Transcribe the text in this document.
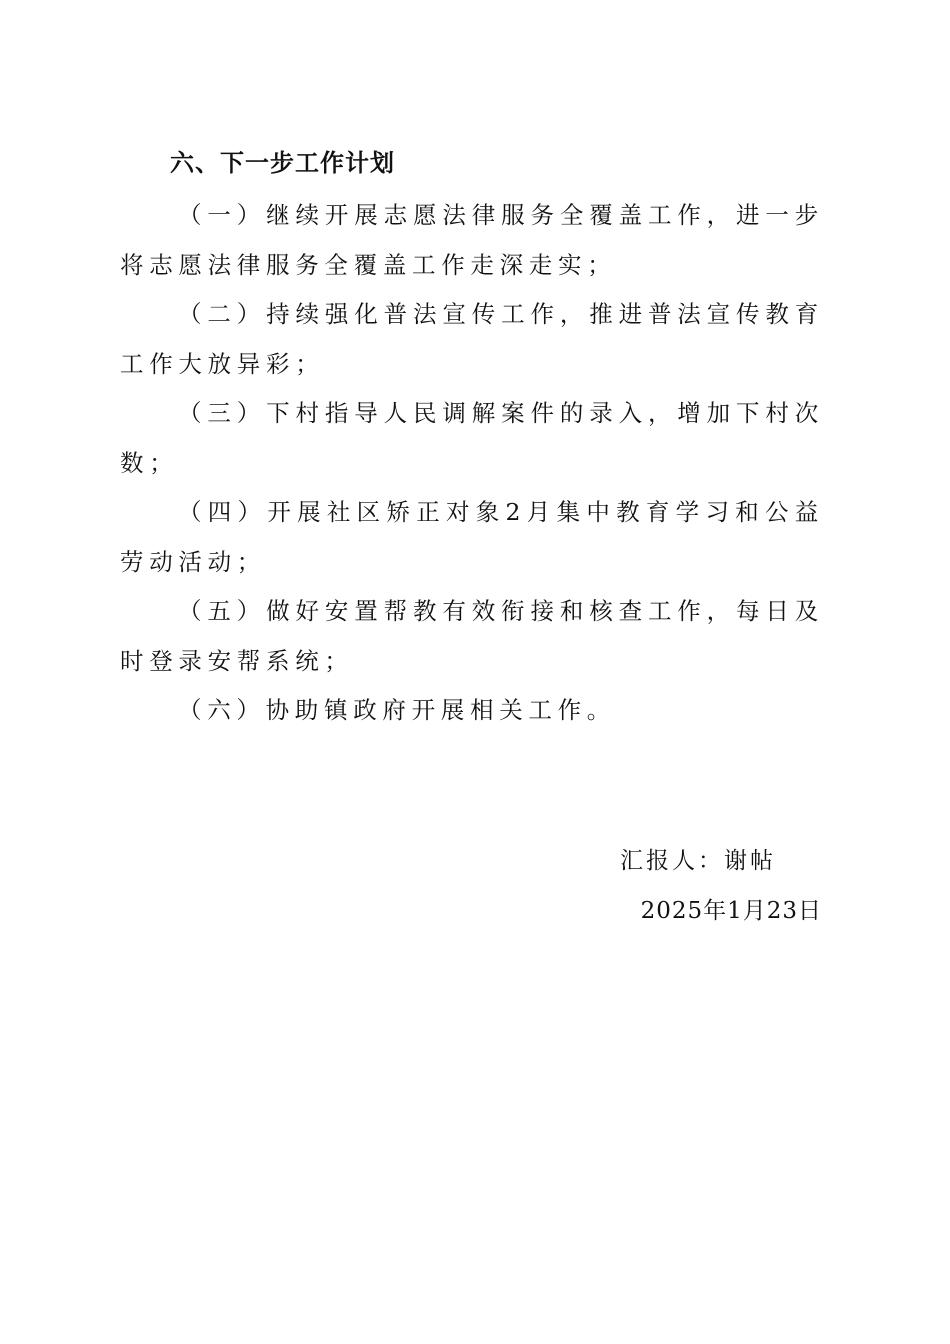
六、下一步工作计划

（一）继续开展志愿法律服务全覆盖工作，进一步将志愿法律服务全覆盖工作走深走实；

（二）持续强化普法宣传工作，推进普法宣传教育工作大放异彩；

（三）下村指导人民调解案件的录入，增加下村次数；

（四）开展社区矫正对象2月集中教育学习和公益劳动活动；

（五）做好安置帮教有效衔接和核查工作，每日及时登录安帮系统；

（六）协助镇政府开展相关工作。

汇报人：谢帖
2025年1月23日
